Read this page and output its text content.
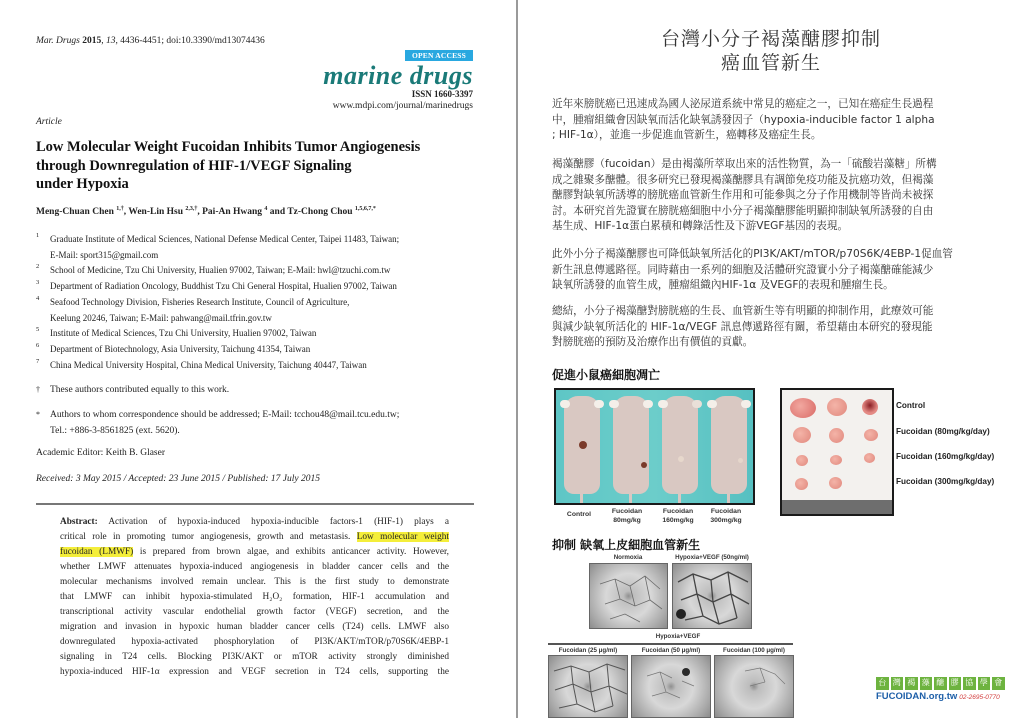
Mar. Drugs 2015, 13, 4436-4451; doi:10.3390/md13074436
OPEN ACCESS
marine drugs
ISSN 1660-3397
www.mdpi.com/journal/marinedrugs
Article
Low Molecular Weight Fucoidan Inhibits Tumor Angiogenesis
through Downregulation of HIF-1/VEGF Signaling
under Hypoxia
Meng-Chuan Chen $^{1,\dagger}$, Wen-Lin Hsu $^{2,3,\dagger}$, Pai-An Hwang $^4$ and Tz-Chong Chou $^{1,5,6,7,*}$
1 Graduate Institute of Medical Sciences, National Defense Medical Center, Taipei 11483, Taiwan;
E-Mail: sport315@gmail.com
2 School of Medicine, Tzu Chi University, Hualien 97002, Taiwan; E-Mail: hwl@tzuchi.com.tw
3 Department of Radiation Oncology, Buddhist Tzu Chi General Hospital, Hualien 97002, Taiwan
4 Seafood Technology Division, Fisheries Research Institute, Council of Agriculture,
Keelung 20246, Taiwan; E-Mail: pahwang@mail.tfrin.gov.tw
5 Institute of Medical Sciences, Tzu Chi University, Hualien 97002, Taiwan
6 Department of Biotechnology, Asia University, Taichung 41354, Taiwan
7 China Medical University Hospital, China Medical University, Taichung 40447, Taiwan
† These authors contributed equally to this work.
* Authors to whom correspondence should be addressed; E-Mail: tcchou48@mail.tcu.edu.tw;
Tel.: +886-3-8561825 (ext. 5620).
Academic Editor: Keith B. Glaser
Received: 3 May 2015 / Accepted: 23 June 2015 / Published: 17 July 2015
Abstract: Activation of hypoxia-induced hypoxia-inducible factors-1 (HIF-1) plays a
critical role in promoting tumor angiogenesis, growth and metastasis. Low molecular weight
fucoidan (LMWF) is prepared from brown algae, and exhibits anticancer activity. However,
whether LMWF attenuates hypoxia-induced angiogenesis in bladder cancer cells and the
molecular mechanisms involved remain unclear. This is the first study to demonstrate
that LMWF can inhibit hypoxia-stimulated H₂O₂ formation, HIF-1 accumulation and
transcriptional activity vascular endothelial growth factor (VEGF) secretion, and the
migration and invasion in hypoxic human bladder cancer cells (T24) cells. LMWF also
downregulated hypoxia-activated phosphorylation of PI3K/AKT/mTOR/p70S6K/4EBP-1
signaling in T24 cells. Blocking PI3K/AKT or mTOR activity strongly diminished
hypoxia-induced HIF-1α expression and VEGF secretion in T24 cells, supporting the
台灣小分子褐藻醣膠抑制
癌血管新生
近年來膀胱癌已迅速成為國人泌尿道系統中常見的癌症之一，已知在癌症生長過程
中，腫瘤組織會因缺氧而活化缺氧誘發因子（hypoxia-inducible factor 1 alpha
; HIF-1α），並進一步促進血管新生，癌轉移及癌症生長。
褐藻醣膠（fucoidan）是由褐藻所萃取出來的活性物質，為一「硫酸岩藻糖」所構
成之雜聚多醣體。很多研究已發現褐藻醣膠具有調節免疫功能及抗癌功效，但褐藻
醣膠對缺氧所誘導的膀胱癌血管新生作用和可能參與之分子作用機制等皆尚未被探
討。本研究首先證實在膀胱癌細胞中小分子褐藻醣膠能明顯抑制缺氧所誘發的自由
基生成、HIF-1α蛋白累積和轉錄活性及下游VEGF基因的表現。
此外小分子褐藻醣膠也可降低缺氧所活化的PI3K/AKT/mTOR/p70S6K/4EBP-1促血管
新生訊息傳遞路徑。同時藉由一系列的細胞及活體研究證實小分子褐藻醣確能減少
缺氧所誘發的血管生成，腫瘤組織內HIF-1α 及VEGF的表現和腫瘤生長。
總結，小分子褐藻醣對膀胱癌的生長、血管新生等有明顯的抑制作用，此療效可能
與減少缺氧所活化的 HIF-1α/VEGF 訊息傳遞路徑有關，希望藉由本研究的發現能
對膀胱癌的預防及治療作出有價值的貢獻。
促進小鼠癌細胞凋亡
Control	Fucoidan
80mg/kg
Fucoidan
160mg/kg
Fucoidan
300mg/kg
Control
Fucoidan (80mg/kg/day)
Fucoidan (160mg/kg/day)
Fucoidan (300mg/kg/day)
抑制 缺氧上皮細胞血管新生
Normoxia	Hypoxia+VEGF (50ng/ml)
Hypoxia+VEGF
Fucoidan (25 μg/ml)	Fucoidan (50 μg/ml)	Fucoidan (100 μg/ml)
台 灣 褐 藻 醣 膠 協 學 會
FUCOIDAN.org.tw 02-2695-0770
